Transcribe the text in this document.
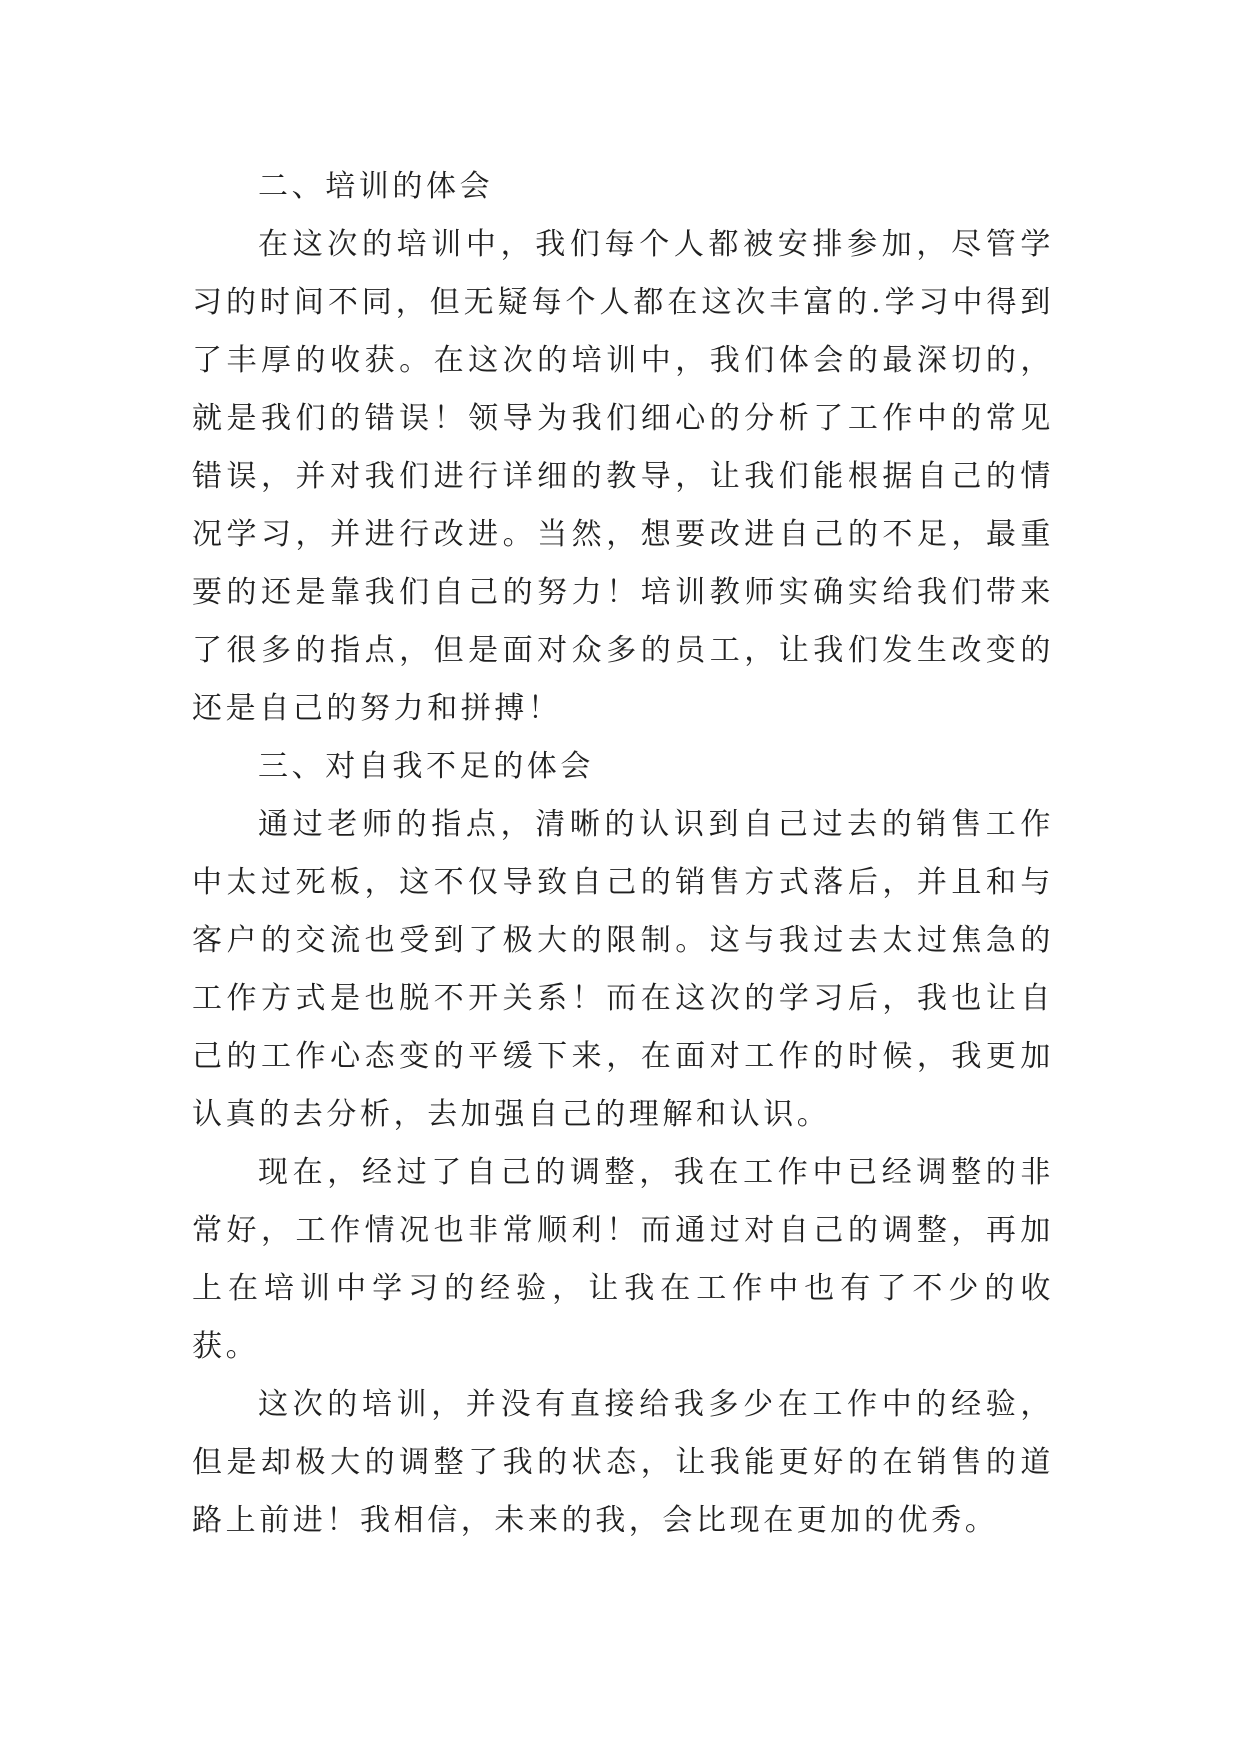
二、培训的体会

在这次的培训中，我们每个人都被安排参加，尽管学习的时间不同，但无疑每个人都在这次丰富的.学习中得到了丰厚的收获。在这次的培训中，我们体会的最深切的，就是我们的错误！领导为我们细心的分析了工作中的常见错误，并对我们进行详细的教导，让我们能根据自己的情况学习，并进行改进。当然，想要改进自己的不足，最重要的还是靠我们自己的努力！培训教师实确实给我们带来了很多的指点，但是面对众多的员工，让我们发生改变的还是自己的努力和拼搏！

三、对自我不足的体会

通过老师的指点，清晰的认识到自己过去的销售工作中太过死板，这不仅导致自己的销售方式落后，并且和与客户的交流也受到了极大的限制。这与我过去太过焦急的工作方式是也脱不开关系！而在这次的学习后，我也让自己的工作心态变的平缓下来，在面对工作的时候，我更加认真的去分析，去加强自己的理解和认识。

现在，经过了自己的调整，我在工作中已经调整的非常好，工作情况也非常顺利！而通过对自己的调整，再加上在培训中学习的经验，让我在工作中也有了不少的收获。

这次的培训，并没有直接给我多少在工作中的经验，但是却极大的调整了我的状态，让我能更好的在销售的道路上前进！我相信，未来的我，会比现在更加的优秀。
